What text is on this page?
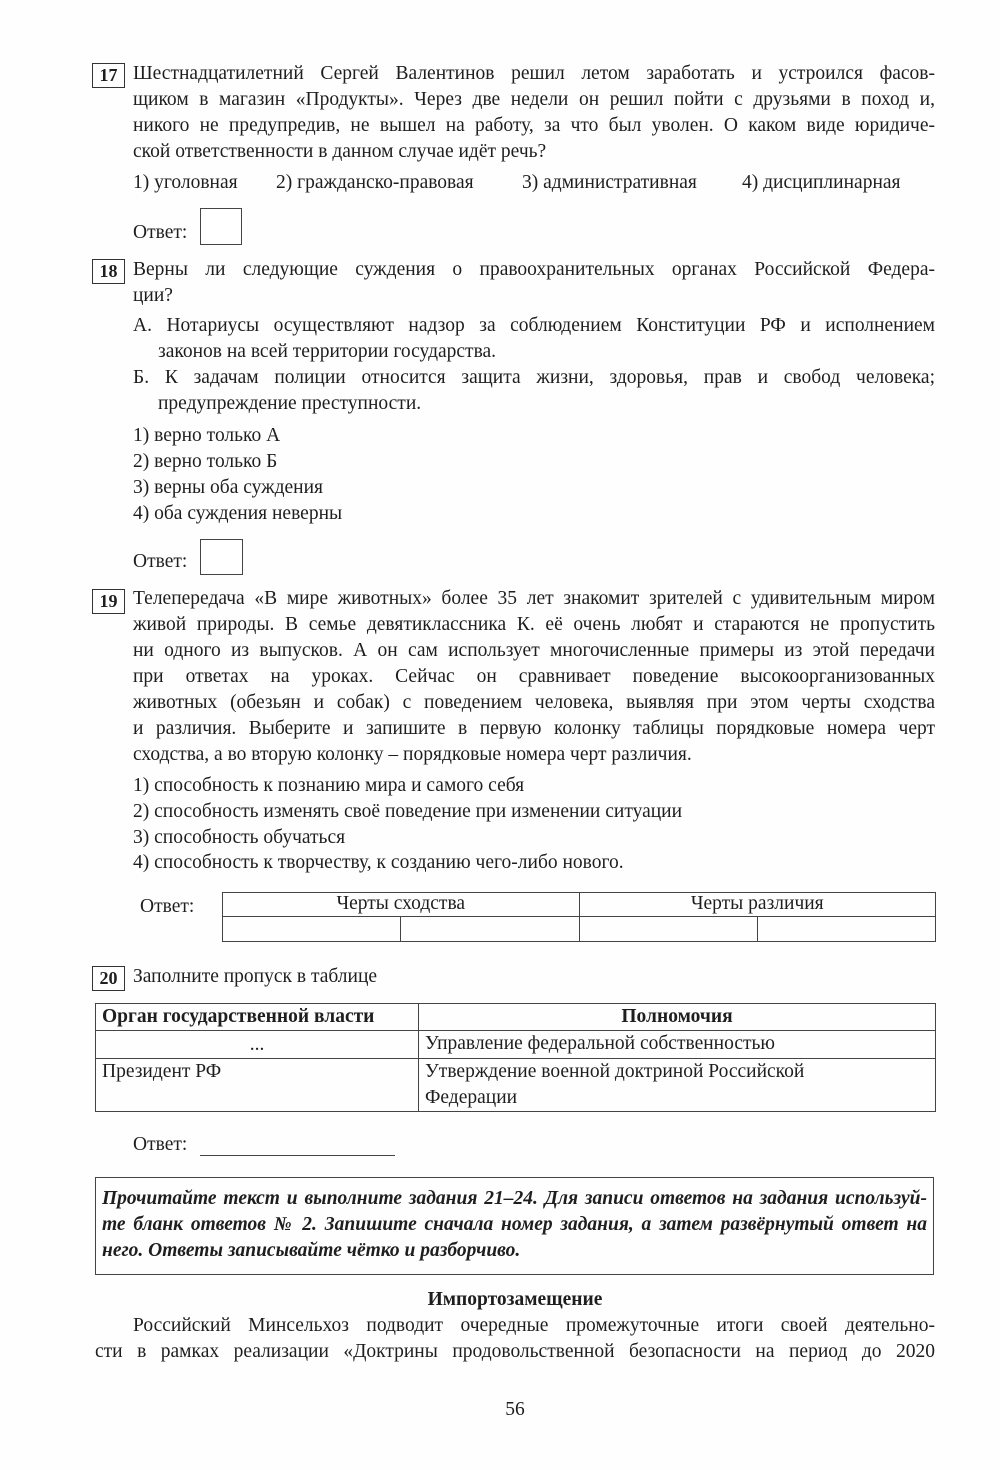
17 Шестнадцатилетний Сергей Валентинов решил летом заработать и устроился фасов-
щиком в магазин «Продукты». Через две недели он решил пойти с друзьями в поход и,
никого не предупредив, не вышел на работу, за что был уволен. О каком виде юридиче-
ской ответственности в данном случае идёт речь?
1) уголовная 2) гражданско-правовая 3) административная 4) дисциплинарная
Ответ:
18 Верны ли следующие суждения о правоохранительных органах Российской Федера-
ции?
А. Нотариусы осуществляют надзор за соблюдением Конституции РФ и исполнением
законов на всей территории государства.
Б. К задачам полиции относится защита жизни, здоровья, прав и свобод человека;
предупреждение преступности.
1) верно только А
2) верно только Б
3) верны оба суждения
4) оба суждения неверны
Ответ:
19 Телепередача «В мире животных» более 35 лет знакомит зрителей с удивительным миром
живой природы. В семье девятиклассника К. её очень любят и стараются не пропустить
ни одного из выпусков. А он сам использует многочисленные примеры из этой передачи
при ответах на уроках. Сейчас он сравнивает поведение высокоорганизованных
животных (обезьян и собак) с поведением человека, выявляя при этом черты сходства
и различия. Выберите и запишите в первую колонку таблицы порядковые номера черт
сходства, а во вторую колонку – порядковые номера черт различия.
1) способность к познанию мира и самого себя
2) способность изменять своё поведение при изменении ситуации
3) способность обучаться
4) способность к творчеству, к созданию чего-либо нового.
Ответ:	Черты сходства		Черты различия	

20 Заполните пропуск в таблице
Орган государственной власти	Полномочия
...	Управление федеральной собственностью
Президент РФ	Утверждение военной доктриной Российской Федерации
Ответ:
Прочитайте текст и выполните задания 21–24. Для записи ответов на задания используй-
те бланк ответов № 2. Запишите сначала номер задания, а затем развёрнутый ответ на
него. Ответы записывайте чётко и разборчиво.
Импортозамещение
Российский Минсельхоз подводит очередные промежуточные итоги своей деятельно-
сти в рамках реализации «Доктрины продовольственной безопасности на период до 2020
56
